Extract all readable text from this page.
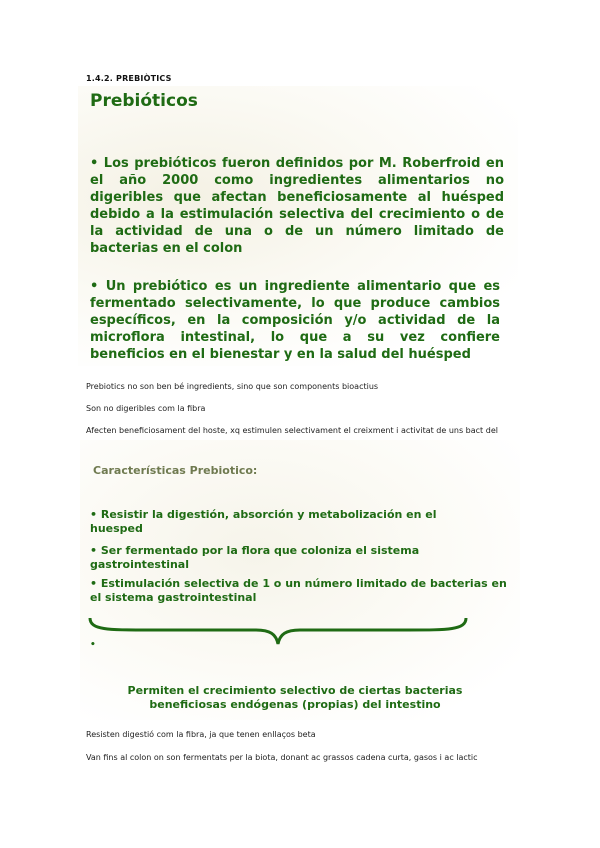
1.4.2. PREBIÒTICS
Prebióticos
• Los prebióticos fueron definidos por M. Roberfroid en el año 2000 como ingredientes alimentarios no digeribles que afectan beneficiosamente al huésped debido a la estimulación selectiva del crecimiento o de la actividad de una o de un número limitado de bacterias en el colon
• Un prebiótico es un ingrediente alimentario que es fermentado selectivamente, lo que produce cambios específicos, en la composición y/o actividad de la microflora intestinal, lo que a su vez confiere beneficios en el bienestar y en la salud del huésped
Prebiotics no son ben bé ingredients, sino que son components bioactius
Son no digeribles com la fibra
Afecten beneficiosament del hoste, xq estimulen selectivament el creixment i activitat de uns bact del
Características Prebiotico:
• Resistir la digestión, absorción y metabolización en el huesped
• Ser fermentado por la flora que coloniza el sistema gastrointestinal
• Estimulación selectiva de 1 o un número limitado de bacterias en el sistema gastrointestinal
•
Permiten el crecimiento selectivo de ciertas bacterias beneficiosas endógenas (propias) del intestino
Resisten digestió com la fibra, ja que tenen enllaços beta
Van fins al colon on son fermentats per la biota, donant ac grassos cadena curta, gasos i ac lactic
